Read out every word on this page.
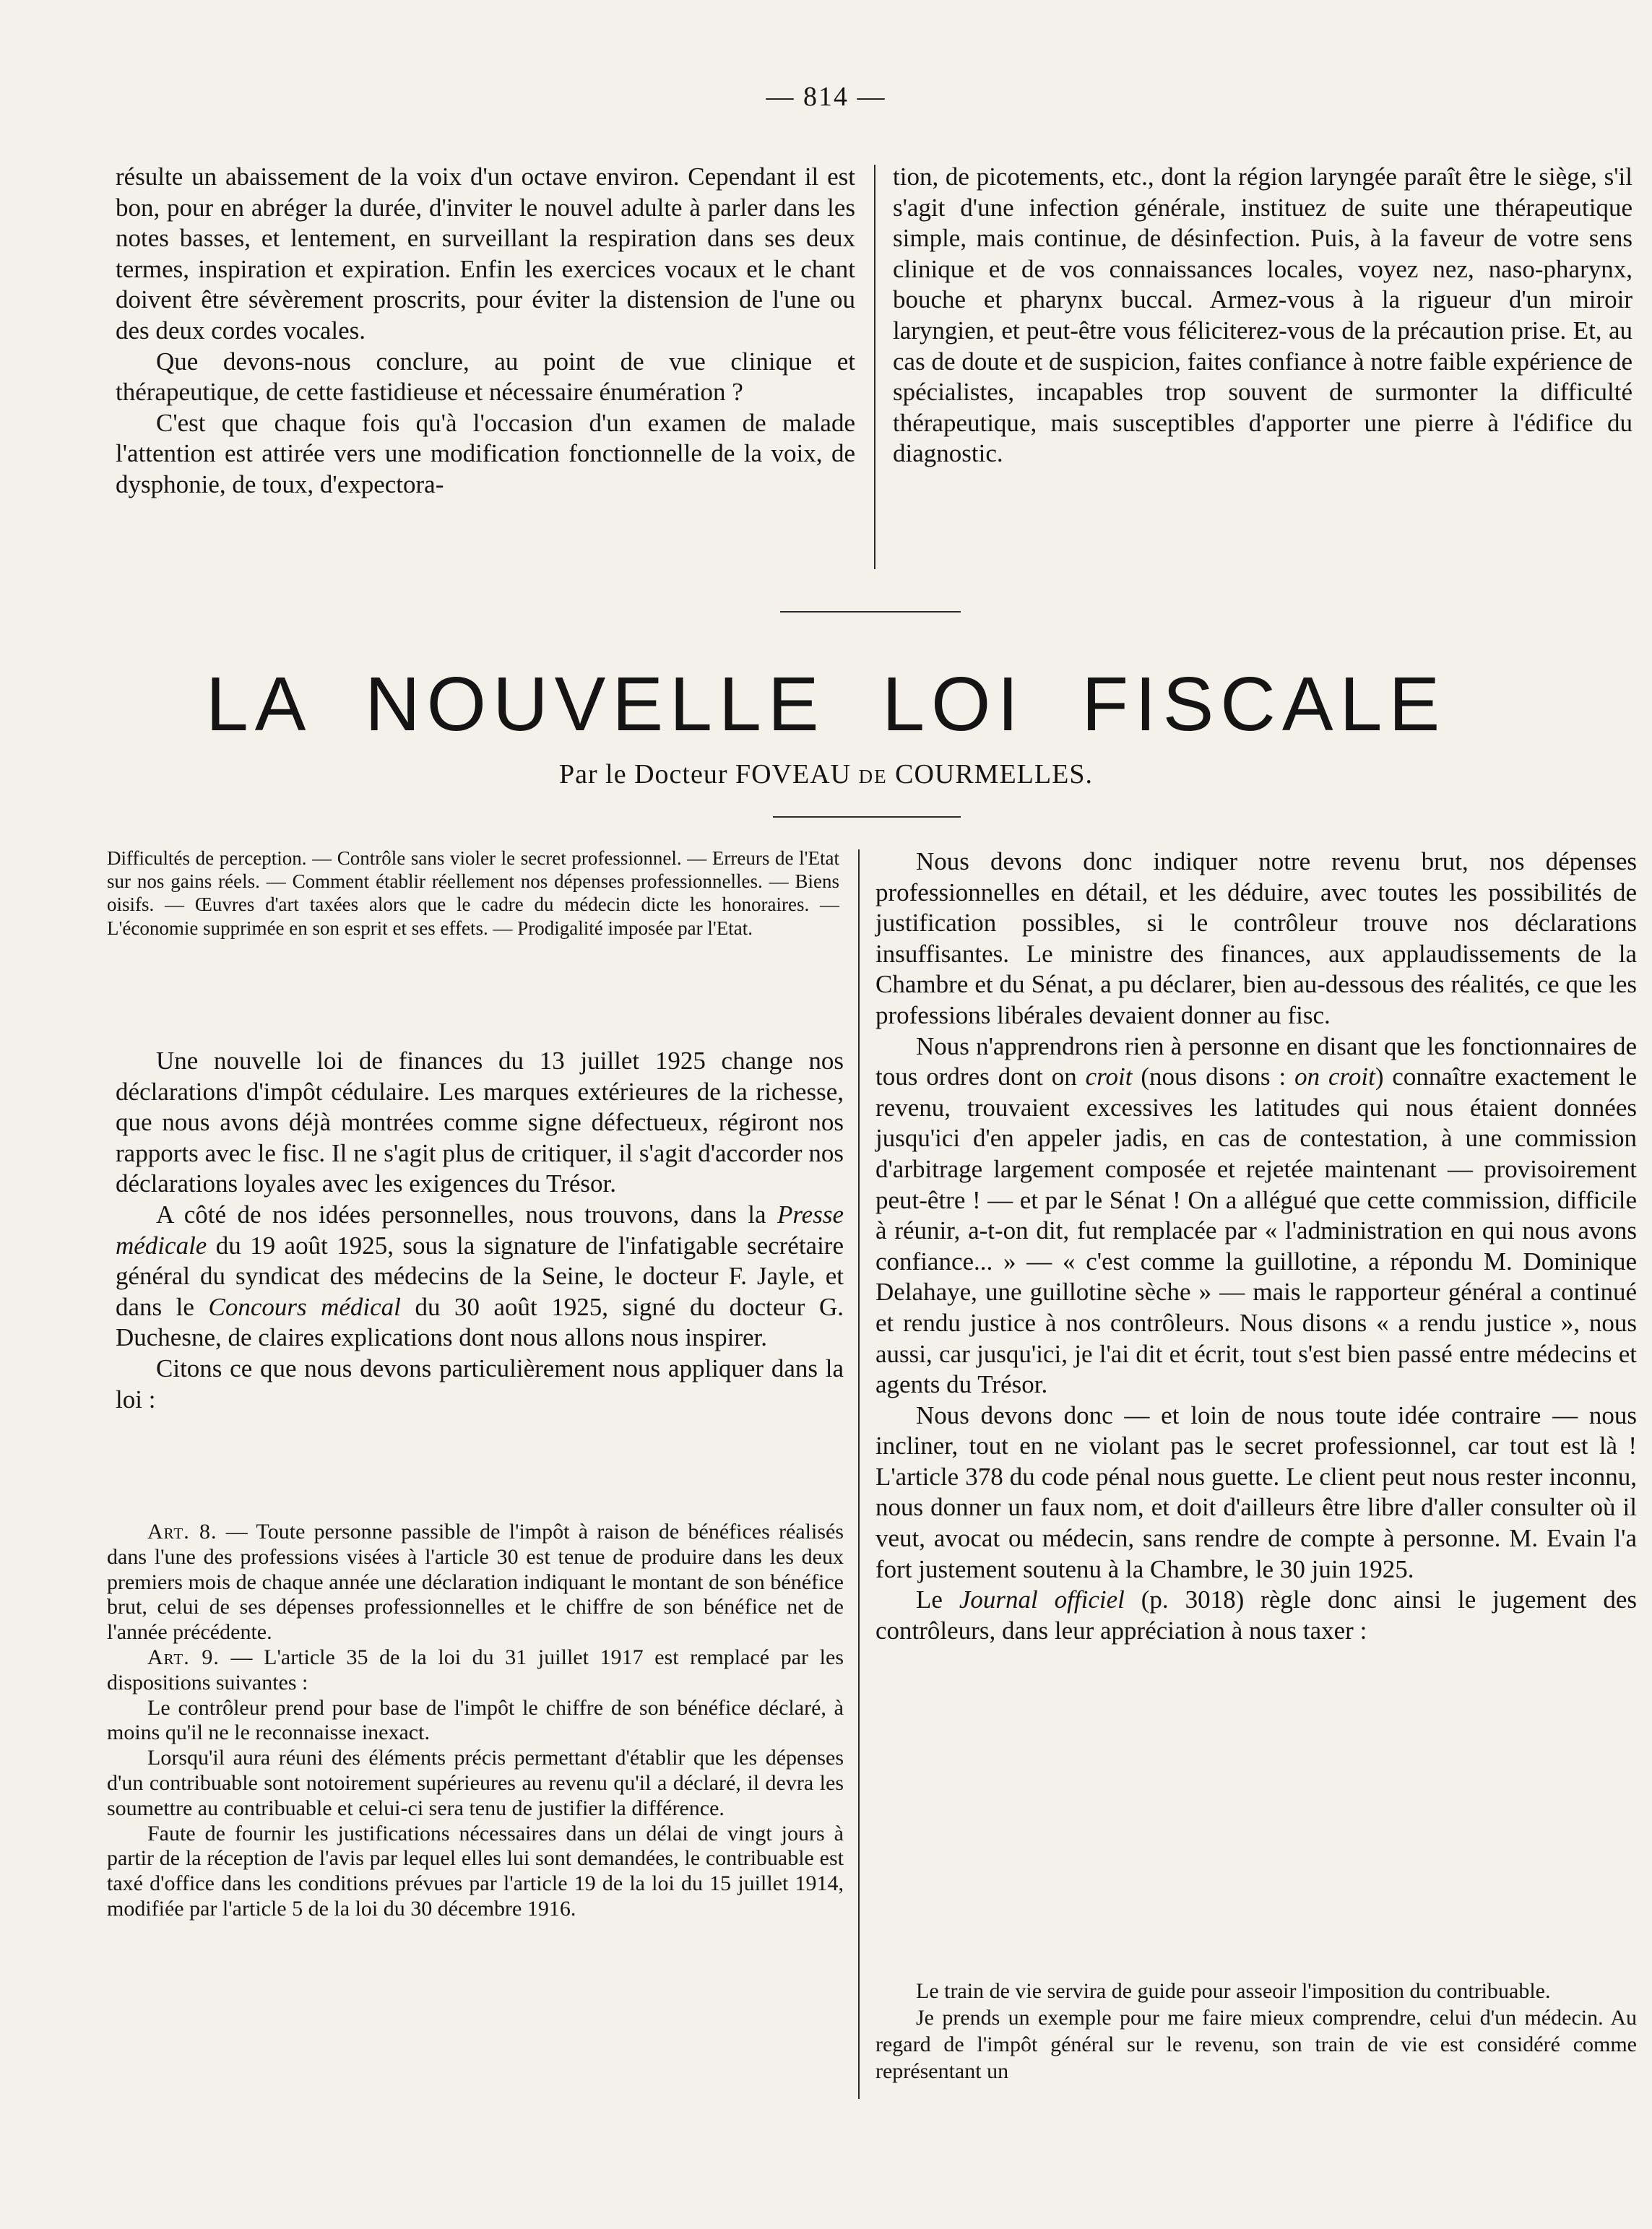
— 814 —

résulte un abaissement de la voix d'un octave environ. Cependant il est bon, pour en abréger la durée, d'inviter le nouvel adulte à parler dans les notes basses, et lentement, en surveillant la respiration dans ses deux termes, inspiration et expiration. Enfin les exercices vocaux et le chant doivent être sévèrement proscrits, pour éviter la distension de l'une ou des deux cordes vocales.

Que devons-nous conclure, au point de vue clinique et thérapeutique, de cette fastidieuse et nécessaire énumération ?

C'est que chaque fois qu'à l'occasion d'un examen de malade l'attention est attirée vers une modification fonctionnelle de la voix, de dysphonie, de toux, d'expectora-

tion, de picotements, etc., dont la région laryngée paraît être le siège, s'il s'agit d'une infection générale, instituez de suite une thérapeutique simple, mais continue, de désinfection. Puis, à la faveur de votre sens clinique et de vos connaissances locales, voyez nez, naso-pharynx, bouche et pharynx buccal. Armez-vous à la rigueur d'un miroir laryngien, et peut-être vous féliciterez-vous de la précaution prise. Et, au cas de doute et de suspicion, faites confiance à notre faible expérience de spécialistes, incapables trop souvent de surmonter la difficulté thérapeutique, mais susceptibles d'apporter une pierre à l'édifice du diagnostic.

LA NOUVELLE LOI FISCALE
Par le Docteur FOVEAU DE COURMELLES.
Difficultés de perception. — Contrôle sans violer le secret professionnel. — Erreurs de l'Etat sur nos gains réels. — Comment établir réellement nos dépenses professionnelles. — Biens oisifs. — Œuvres d'art taxées alors que le cadre du médecin dicte les honoraires. — L'économie supprimée en son esprit et ses effets. — Prodigalité imposée par l'Etat.

Une nouvelle loi de finances du 13 juillet 1925 change nos déclarations d'impôt cédulaire. Les marques extérieures de la richesse, que nous avons déjà montrées comme signe défectueux, régiront nos rapports avec le fisc. Il ne s'agit plus de critiquer, il s'agit d'accorder nos déclarations loyales avec les exigences du Trésor.

A côté de nos idées personnelles, nous trouvons, dans la Presse médicale du 19 août 1925, sous la signature de l'infatigable secrétaire général du syndicat des médecins de la Seine, le docteur F. Jayle, et dans le Concours médical du 30 août 1925, signé du docteur G. Duchesne, de claires explications dont nous allons nous inspirer.

Citons ce que nous devons particulièrement nous appliquer dans la loi :

Art. 8. — Toute personne passible de l'impôt à raison de bénéfices réalisés dans l'une des professions visées à l'article 30 est tenue de produire dans les deux premiers mois de chaque année une déclaration indiquant le montant de son bénéfice brut, celui de ses dépenses professionnelles et le chiffre de son bénéfice net de l'année précédente.

Art. 9. — L'article 35 de la loi du 31 juillet 1917 est remplacé par les dispositions suivantes :

Le contrôleur prend pour base de l'impôt le chiffre de son bénéfice déclaré, à moins qu'il ne le reconnaisse inexact.

Lorsqu'il aura réuni des éléments précis permettant d'établir que les dépenses d'un contribuable sont notoirement supérieures au revenu qu'il a déclaré, il devra les soumettre au contribuable et celui-ci sera tenu de justifier la différence.

Faute de fournir les justifications nécessaires dans un délai de vingt jours à partir de la réception de l'avis par lequel elles lui sont demandées, le contribuable est taxé d'office dans les conditions prévues par l'article 19 de la loi du 15 juillet 1914, modifiée par l'article 5 de la loi du 30 décembre 1916.

Nous devons donc indiquer notre revenu brut, nos dépenses professionnelles en détail, et les déduire, avec toutes les possibilités de justification possibles, si le contrôleur trouve nos déclarations insuffisantes. Le ministre des finances, aux applaudissements de la Chambre et du Sénat, a pu déclarer, bien au-dessous des réalités, ce que les professions libérales devaient donner au fisc.

Nous n'apprendrons rien à personne en disant que les fonctionnaires de tous ordres dont on croit (nous disons : on croit) connaître exactement le revenu, trouvaient excessives les latitudes qui nous étaient données jusqu'ici d'en appeler jadis, en cas de contestation, à une commission d'arbitrage largement composée et rejetée maintenant — provisoirement peut-être ! — et par le Sénat ! On a allégué que cette commission, difficile à réunir, a-t-on dit, fut remplacée par « l'administration en qui nous avons confiance... » — « c'est comme la guillotine, a répondu M. Dominique Delahaye, une guillotine sèche » — mais le rapporteur général a continué et rendu justice à nos contrôleurs. Nous disons « a rendu justice », nous aussi, car jusqu'ici, je l'ai dit et écrit, tout s'est bien passé entre médecins et agents du Trésor.

Nous devons donc — et loin de nous toute idée contraire — nous incliner, tout en ne violant pas le secret professionnel, car tout est là ! L'article 378 du code pénal nous guette. Le client peut nous rester inconnu, nous donner un faux nom, et doit d'ailleurs être libre d'aller consulter où il veut, avocat ou médecin, sans rendre de compte à personne. M. Evain l'a fort justement soutenu à la Chambre, le 30 juin 1925.

Le Journal officiel (p. 3018) règle donc ainsi le jugement des contrôleurs, dans leur appréciation à nous taxer :

Le train de vie servira de guide pour asseoir l'imposition du contribuable.

Je prends un exemple pour me faire mieux comprendre, celui d'un médecin. Au regard de l'impôt général sur le revenu, son train de vie est considéré comme représentant un
